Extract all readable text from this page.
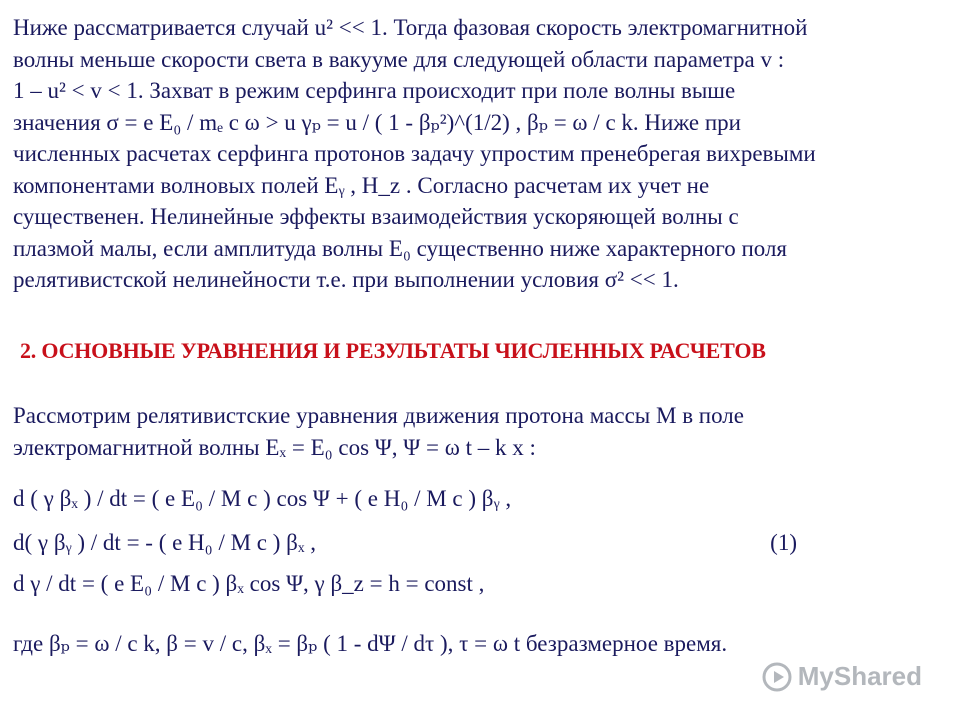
Ниже рассматривается случай u² << 1. Тогда фазовая скорость электромагнитной
волны меньше скорости света в вакууме для следующей области параметра v :
1 – u² < v < 1. Захват в режим серфинга происходит при поле волны выше
значения σ = e E₀ / mₑ c ω > u γₚ = u / ( 1 - βₚ²)^(1/2) , βₚ = ω / c k. Ниже при
численных расчетах серфинга протонов задачу упростим пренебрегая вихревыми
компонентами волновых полей Eᵧ , H_z . Согласно расчетам их учет не
существенен. Нелинейные эффекты взаимодействия ускоряющей волны с
плазмой малы, если амплитуда волны E₀ существенно ниже характерного поля
релятивистской нелинейности т.е. при выполнении условия σ² << 1.
2. ОСНОВНЫЕ УРАВНЕНИЯ И РЕЗУЛЬТАТЫ ЧИСЛЕННЫХ РАСЧЕТОВ
Рассмотрим релятивистские уравнения движения протона массы M в поле
электромагнитной волны Eₓ = E₀ cos Ψ, Ψ = ω t – k x :
d ( γ βₓ ) / dt = ( e E₀ / M c ) cos Ψ + ( e H₀ / M c ) βᵧ ,
d( γ βᵧ ) / dt = - ( e H₀ / M c ) βₓ ,	(1)
d γ / dt = ( e E₀ / M c ) βₓ cos Ψ, γ β_z = h = const ,
где βₚ = ω / c k, β = v / c, βₓ = βₚ ( 1 - dΨ / dτ ), τ = ω t безразмерное время.
MyShared
